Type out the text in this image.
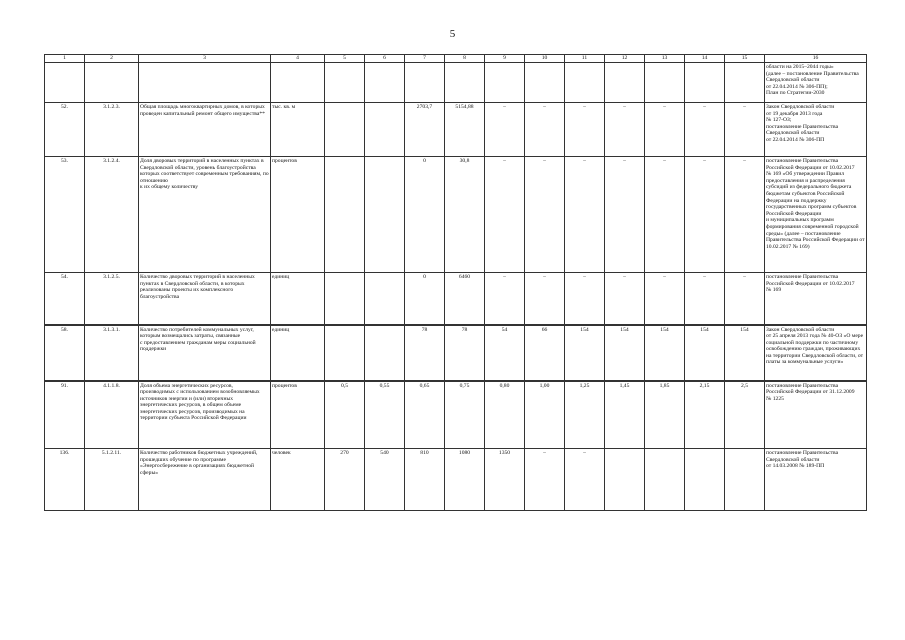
5
1	2	3	4	5	6	7	8	9	10	11	12	13	14	15	16
															области на 2015–2044 годы»
(далее – постановление Правительства Свердловской области
от 22.04.2014 № 306-ПП);
План по Стратегии-2030
52.	3.1.2.3.	Общая площадь многоквартирных домов, в которых проведен капитальный ремонт общего имущества**	тыс. кв. м			2703,7	5154,88	–	–	–	–	–	–	–	Закон Свердловской области
от 19 декабря 2013 года
№ 127-ОЗ;
постановление Правительства Свердловской области
от 22.04.2014 № 306-ПП
53.	3.1.2.4.	Доля дворовых территорий в населенных пунктах в Свердловской области, уровень благоустройства которых соответствует современным требованиям, по отношению
к их общему количеству	процентов			0	30,8	–	–	–	–	–	–	–	постановление Правительства Российской Федерации от 10.02.2017
№ 169 «Об утверждении Правил предоставления и распределения субсидий из федерального бюджета бюджетам субъектов Российской Федерации на поддержку государственных программ субъектов Российской Федерации
и муниципальных программ формирования современной городской среды» (далее – постановление Правительства Российской Федерации от 10.02.2017 № 169)
54.	3.1.2.5.	Количество дворовых территорий в населенных пунктах в Свердловской области, в которых реализованы проекты их комплексного благоустройства	единиц			0	6460	–	–	–	–	–	–	–	постановление Правительства Российской Федерации от 10.02.2017
№ 169
58.	3.1.3.1.	Количество потребителей коммунальных услуг, которым возмещались затраты, связанные
с предоставлением гражданам меры социальной поддержки	единиц			78	78	54	66	154	154	154	154	154	Закон Свердловской области
от 25 апреля 2013 года № 40-ОЗ «О мере социальной поддержки по частичному освобождению граждан, проживающих на территории Свердловской области, от платы за коммунальные услуги»
91.	4.1.1.8.	Доля объема энергетических ресурсов, производимых с использованием возобновляемых источников энергии и (или) вторичных энергетических ресурсов, в общем объеме энергетических ресурсов, производимых на территории субъекта Российской Федерации	процентов	0,5	0,55	0,65	0,75	0,80	1,00	1,25	1,45	1,85	2,15	2,5	постановление Правительства Российской Федерации от 31.12.2009
№ 1225
136.	5.1.2.11.	Количество работников бюджетных учреждений, прошедших обучение по программе «Энергосбережение в организациях бюджетной сферы»	человек	270	540	810	1080	1350	–	–					постановление Правительства Свердловской области
от 14.03.2008 № 189-ПП
